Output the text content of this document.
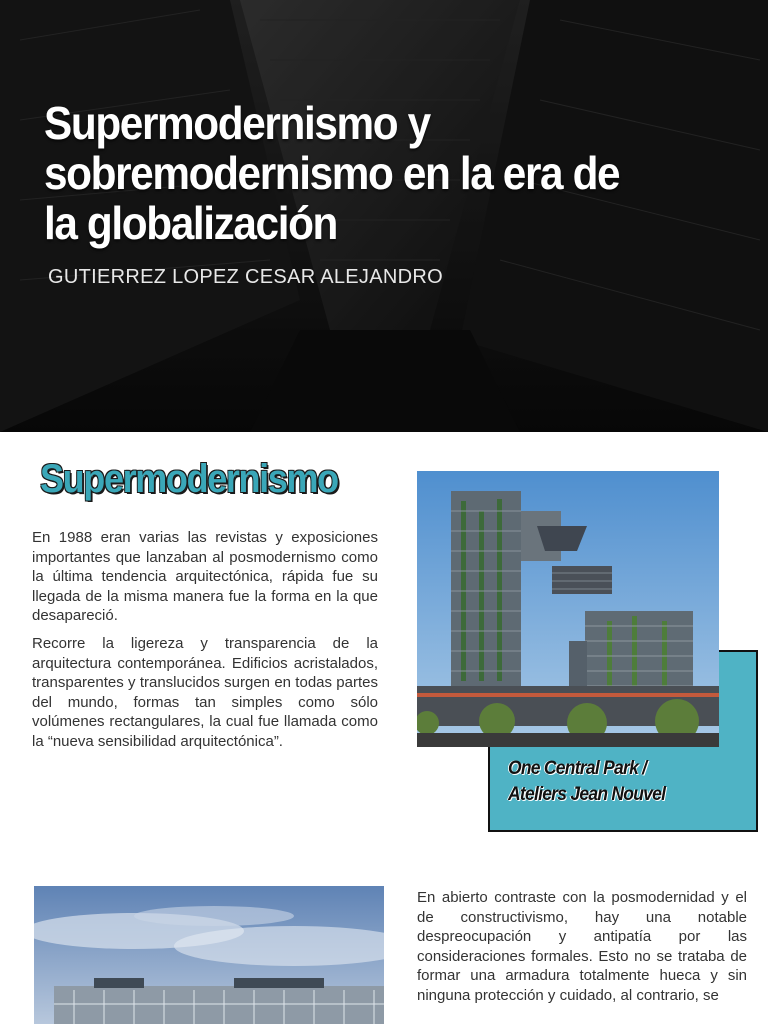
Supermodernismo y
sobremodernismo en la era de
la globalización
GUTIERREZ LOPEZ CESAR ALEJANDRO
Supermodernismo

En 1988 eran varias las revistas y exposiciones importantes que lanzaban al posmodernismo como la última tendencia arquitectónica, rápida fue su llegada de la misma manera fue la forma en la que desapareció.

Recorre la ligereza y transparencia de la arquitectura contemporánea. Edificios acristalados, transparentes y translucidos surgen en todas partes del mundo, formas tan simples como sólo volúmenes rectangulares, la cual fue llamada como la “nueva sensibilidad arquitectónica”.

One Central Park /
Ateliers Jean Nouvel

En abierto contraste con la posmodernidad y el de constructivismo, hay una notable despreocupación y antipatía por las consideraciones formales. Esto no se trataba de formar una armadura totalmente hueca y sin ninguna protección y cuidado, al contrario, se
